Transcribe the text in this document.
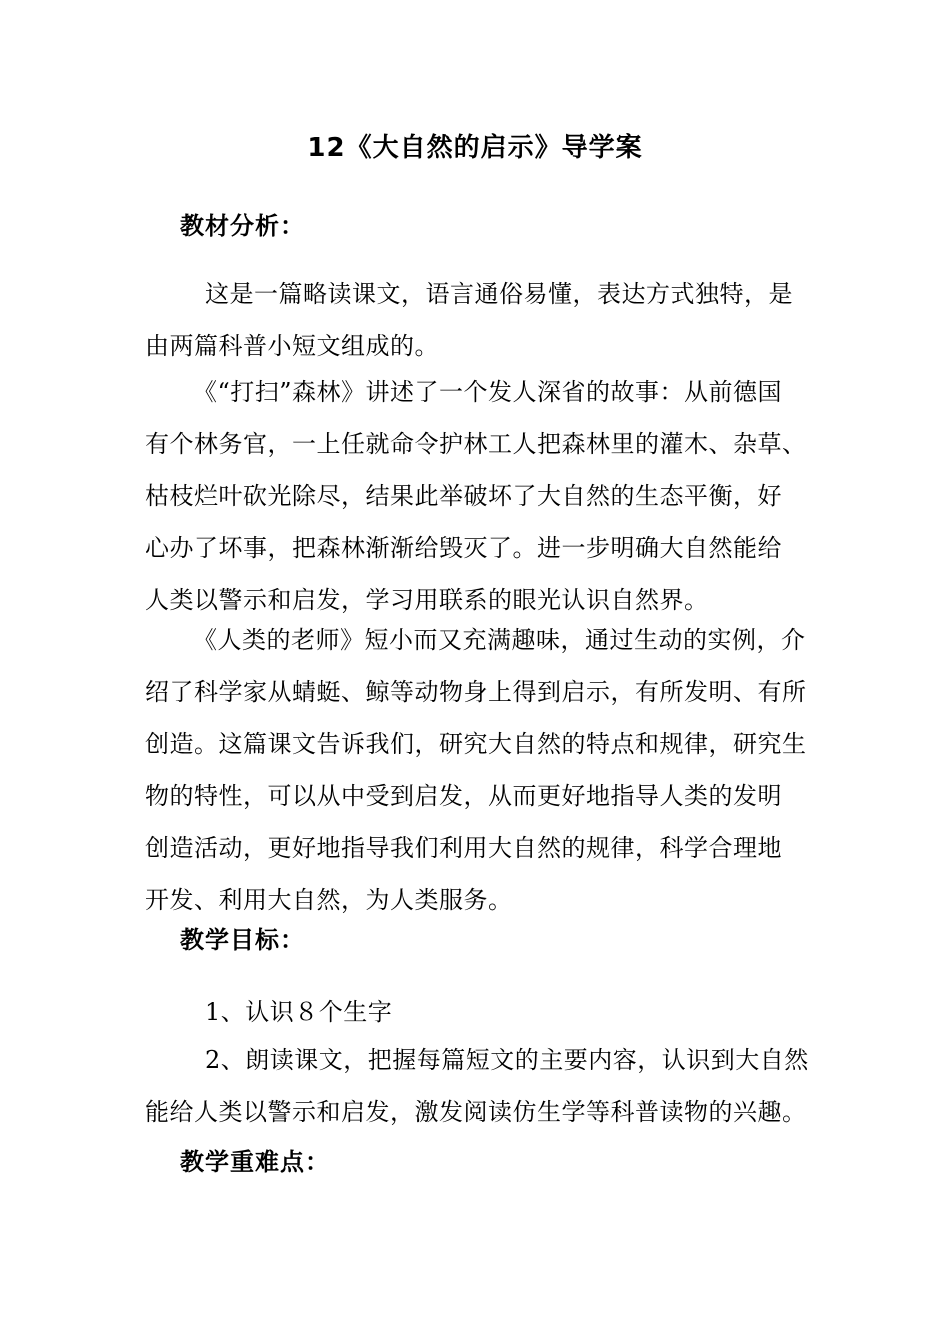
12《大自然的启示》导学案
教材分析：
这是一篇略读课文，语言通俗易懂，表达方式独特，是
由两篇科普小短文组成的。
《“打扫”森林》讲述了一个发人深省的故事：从前德国
有个林务官，一上任就命令护林工人把森林里的灌木、杂草、
枯枝烂叶砍光除尽，结果此举破坏了大自然的生态平衡，好
心办了坏事，把森林渐渐给毁灭了。进一步明确大自然能给
人类以警示和启发，学习用联系的眼光认识自然界。
《人类的老师》短小而又充满趣味，通过生动的实例，介
绍了科学家从蜻蜓、鲸等动物身上得到启示，有所发明、有所
创造。这篇课文告诉我们，研究大自然的特点和规律，研究生
物的特性，可以从中受到启发，从而更好地指导人类的发明
创造活动，更好地指导我们利用大自然的规律，科学合理地
开发、利用大自然，为人类服务。
教学目标：
1、认识８个生字
2、朗读课文，把握每篇短文的主要内容，认识到大自然
能给人类以警示和启发，激发阅读仿生学等科普读物的兴趣。
教学重难点：
